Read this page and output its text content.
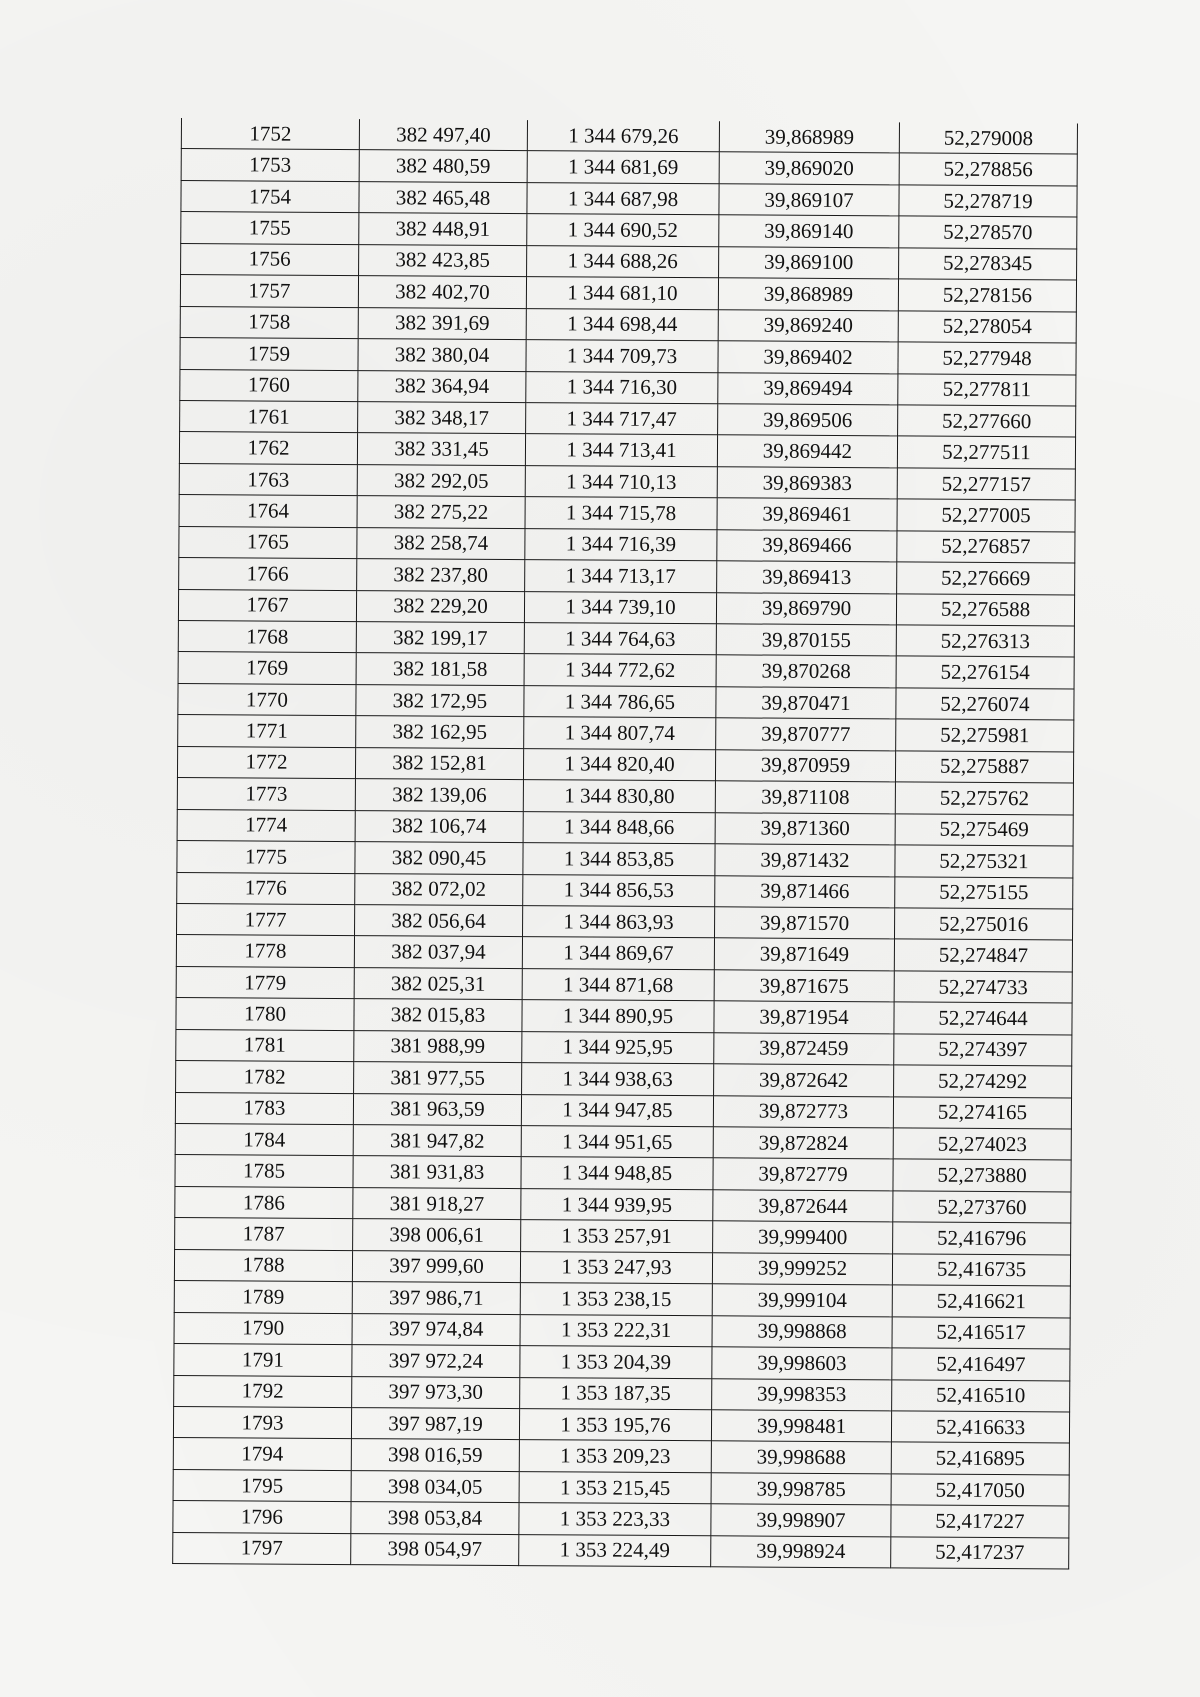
1752	382 497,40	1 344 679,26	39,868989	52,279008
1753	382 480,59	1 344 681,69	39,869020	52,278856
1754	382 465,48	1 344 687,98	39,869107	52,278719
1755	382 448,91	1 344 690,52	39,869140	52,278570
1756	382 423,85	1 344 688,26	39,869100	52,278345
1757	382 402,70	1 344 681,10	39,868989	52,278156
1758	382 391,69	1 344 698,44	39,869240	52,278054
1759	382 380,04	1 344 709,73	39,869402	52,277948
1760	382 364,94	1 344 716,30	39,869494	52,277811
1761	382 348,17	1 344 717,47	39,869506	52,277660
1762	382 331,45	1 344 713,41	39,869442	52,277511
1763	382 292,05	1 344 710,13	39,869383	52,277157
1764	382 275,22	1 344 715,78	39,869461	52,277005
1765	382 258,74	1 344 716,39	39,869466	52,276857
1766	382 237,80	1 344 713,17	39,869413	52,276669
1767	382 229,20	1 344 739,10	39,869790	52,276588
1768	382 199,17	1 344 764,63	39,870155	52,276313
1769	382 181,58	1 344 772,62	39,870268	52,276154
1770	382 172,95	1 344 786,65	39,870471	52,276074
1771	382 162,95	1 344 807,74	39,870777	52,275981
1772	382 152,81	1 344 820,40	39,870959	52,275887
1773	382 139,06	1 344 830,80	39,871108	52,275762
1774	382 106,74	1 344 848,66	39,871360	52,275469
1775	382 090,45	1 344 853,85	39,871432	52,275321
1776	382 072,02	1 344 856,53	39,871466	52,275155
1777	382 056,64	1 344 863,93	39,871570	52,275016
1778	382 037,94	1 344 869,67	39,871649	52,274847
1779	382 025,31	1 344 871,68	39,871675	52,274733
1780	382 015,83	1 344 890,95	39,871954	52,274644
1781	381 988,99	1 344 925,95	39,872459	52,274397
1782	381 977,55	1 344 938,63	39,872642	52,274292
1783	381 963,59	1 344 947,85	39,872773	52,274165
1784	381 947,82	1 344 951,65	39,872824	52,274023
1785	381 931,83	1 344 948,85	39,872779	52,273880
1786	381 918,27	1 344 939,95	39,872644	52,273760
1787	398 006,61	1 353 257,91	39,999400	52,416796
1788	397 999,60	1 353 247,93	39,999252	52,416735
1789	397 986,71	1 353 238,15	39,999104	52,416621
1790	397 974,84	1 353 222,31	39,998868	52,416517
1791	397 972,24	1 353 204,39	39,998603	52,416497
1792	397 973,30	1 353 187,35	39,998353	52,416510
1793	397 987,19	1 353 195,76	39,998481	52,416633
1794	398 016,59	1 353 209,23	39,998688	52,416895
1795	398 034,05	1 353 215,45	39,998785	52,417050
1796	398 053,84	1 353 223,33	39,998907	52,417227
1797	398 054,97	1 353 224,49	39,998924	52,417237
